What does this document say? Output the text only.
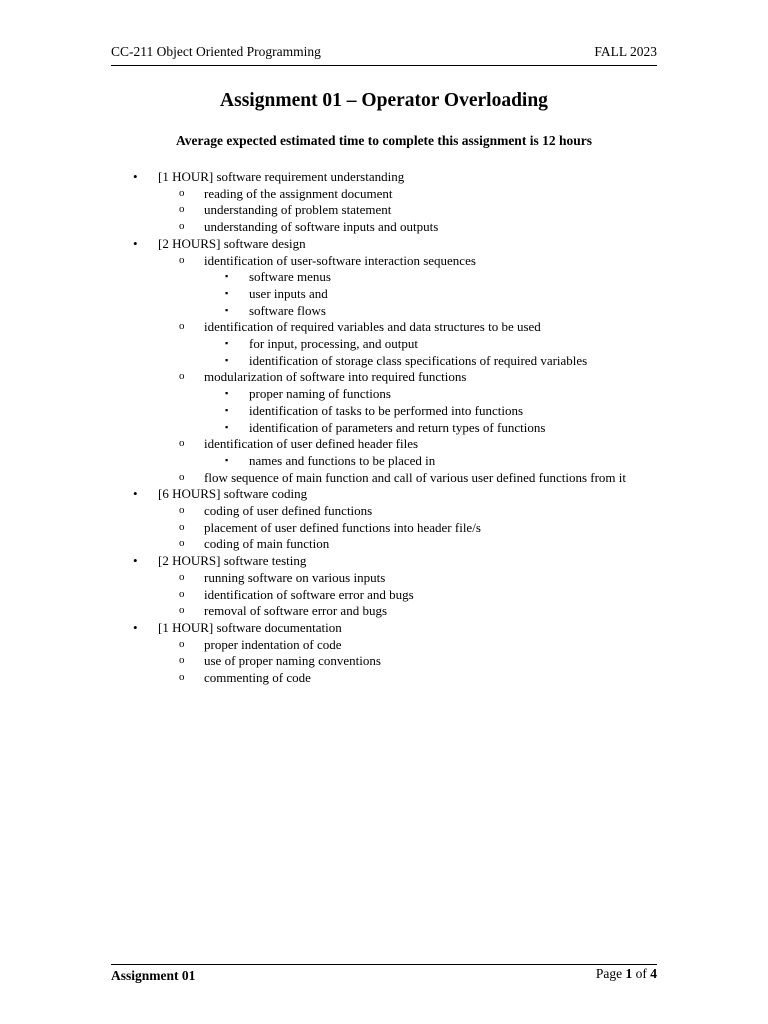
CC-211 Object Oriented Programming	FALL 2023
Assignment 01 – Operator Overloading
Average expected estimated time to complete this assignment is 12 hours
• [1 HOUR] software requirement understanding
o reading of the assignment document
o understanding of problem statement
o understanding of software inputs and outputs
• [2 HOURS] software design
o identification of user-software interaction sequences
▪ software menus
▪ user inputs and
▪ software flows
o identification of required variables and data structures to be used
▪ for input, processing, and output
▪ identification of storage class specifications of required variables
o modularization of software into required functions
▪ proper naming of functions
▪ identification of tasks to be performed into functions
▪ identification of parameters and return types of functions
o identification of user defined header files
▪ names and functions to be placed in
o flow sequence of main function and call of various user defined functions from it
• [6 HOURS] software coding
o coding of user defined functions
o placement of user defined functions into header file/s
o coding of main function
• [2 HOURS] software testing
o running software on various inputs
o identification of software error and bugs
o removal of software error and bugs
• [1 HOUR] software documentation
o proper indentation of code
o use of proper naming conventions
o commenting of code
Assignment 01	Page 1 of 4
